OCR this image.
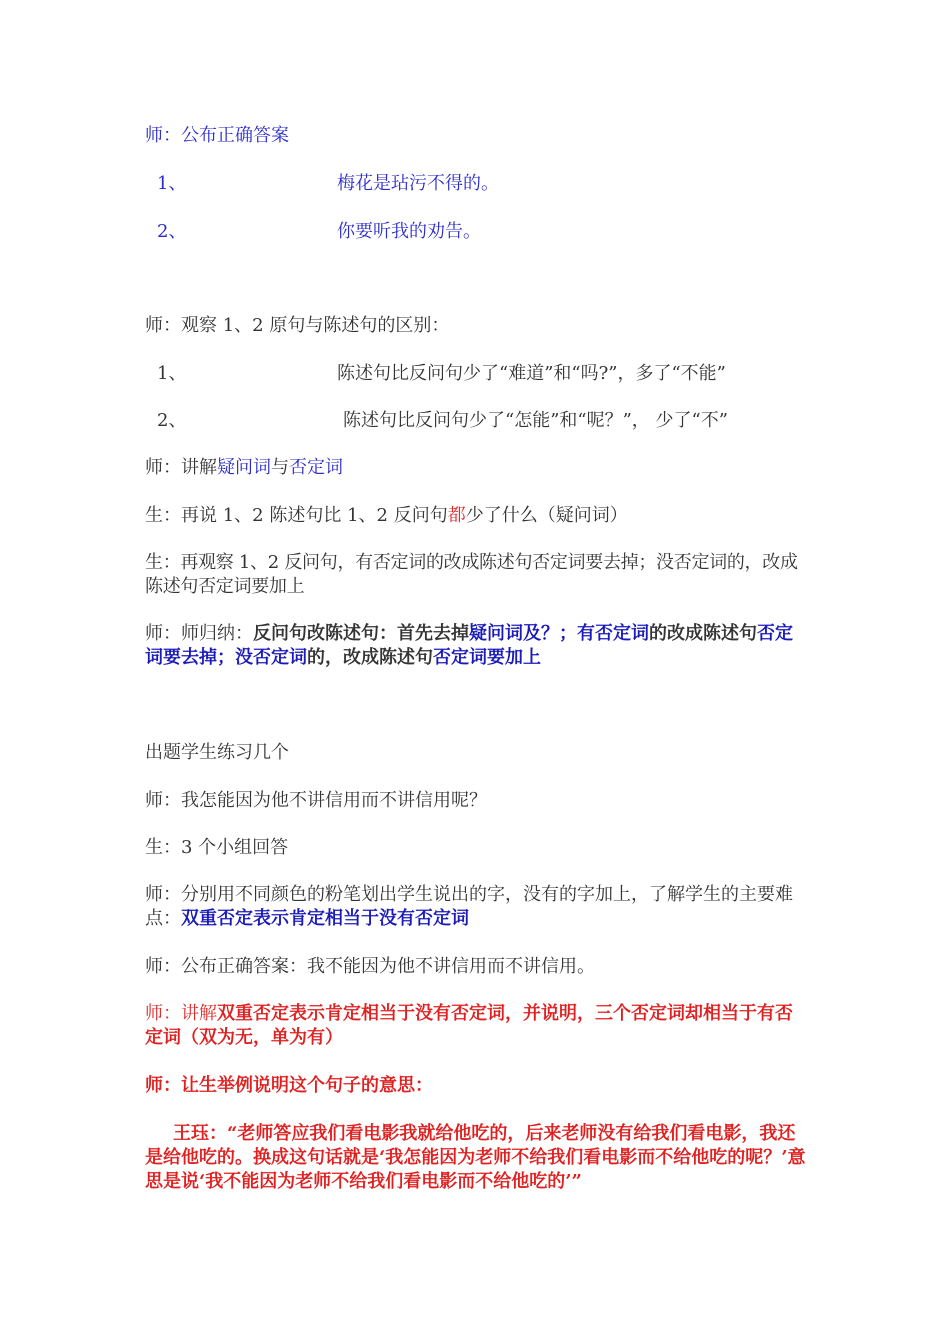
师：公布正确答案
1、	梅花是玷污不得的。
2、	你要听我的劝告。
师：观察 1、2 原句与陈述句的区别：
1、	陈述句比反问句少了“难道”和“吗?”，多了“不能”
2、	陈述句比反问句少了“怎能”和“呢？”， 少了“不”
师：讲解疑问词与否定词
生：再说 1、2 陈述句比 1、2 反问句都少了什么（疑问词）
生：再观察 1、2 反问句，有否定词的改成陈述句否定词要去掉；没否定词的，改成陈述句否定词要加上
师：师归纳：反问句改陈述句：首先去掉疑问词及？；有否定词的改成陈述句否定词要去掉；没否定词的，改成陈述句否定词要加上
出题学生练习几个
师：我怎能因为他不讲信用而不讲信用呢？
生：3 个小组回答
师：分别用不同颜色的粉笔划出学生说出的字，没有的字加上，了解学生的主要难点：双重否定表示肯定相当于没有否定词
师：公布正确答案：我不能因为他不讲信用而不讲信用。
师：讲解双重否定表示肯定相当于没有否定词，并说明，三个否定词却相当于有否定词（双为无，单为有）
师：让生举例说明这个句子的意思：
王珏：“老师答应我们看电影我就给他吃的，后来老师没有给我们看电影，我还是给他吃的。换成这句话就是‘我怎能因为老师不给我们看电影而不给他吃的呢？’意思是说‘我不能因为老师不给我们看电影而不给他吃的’”
